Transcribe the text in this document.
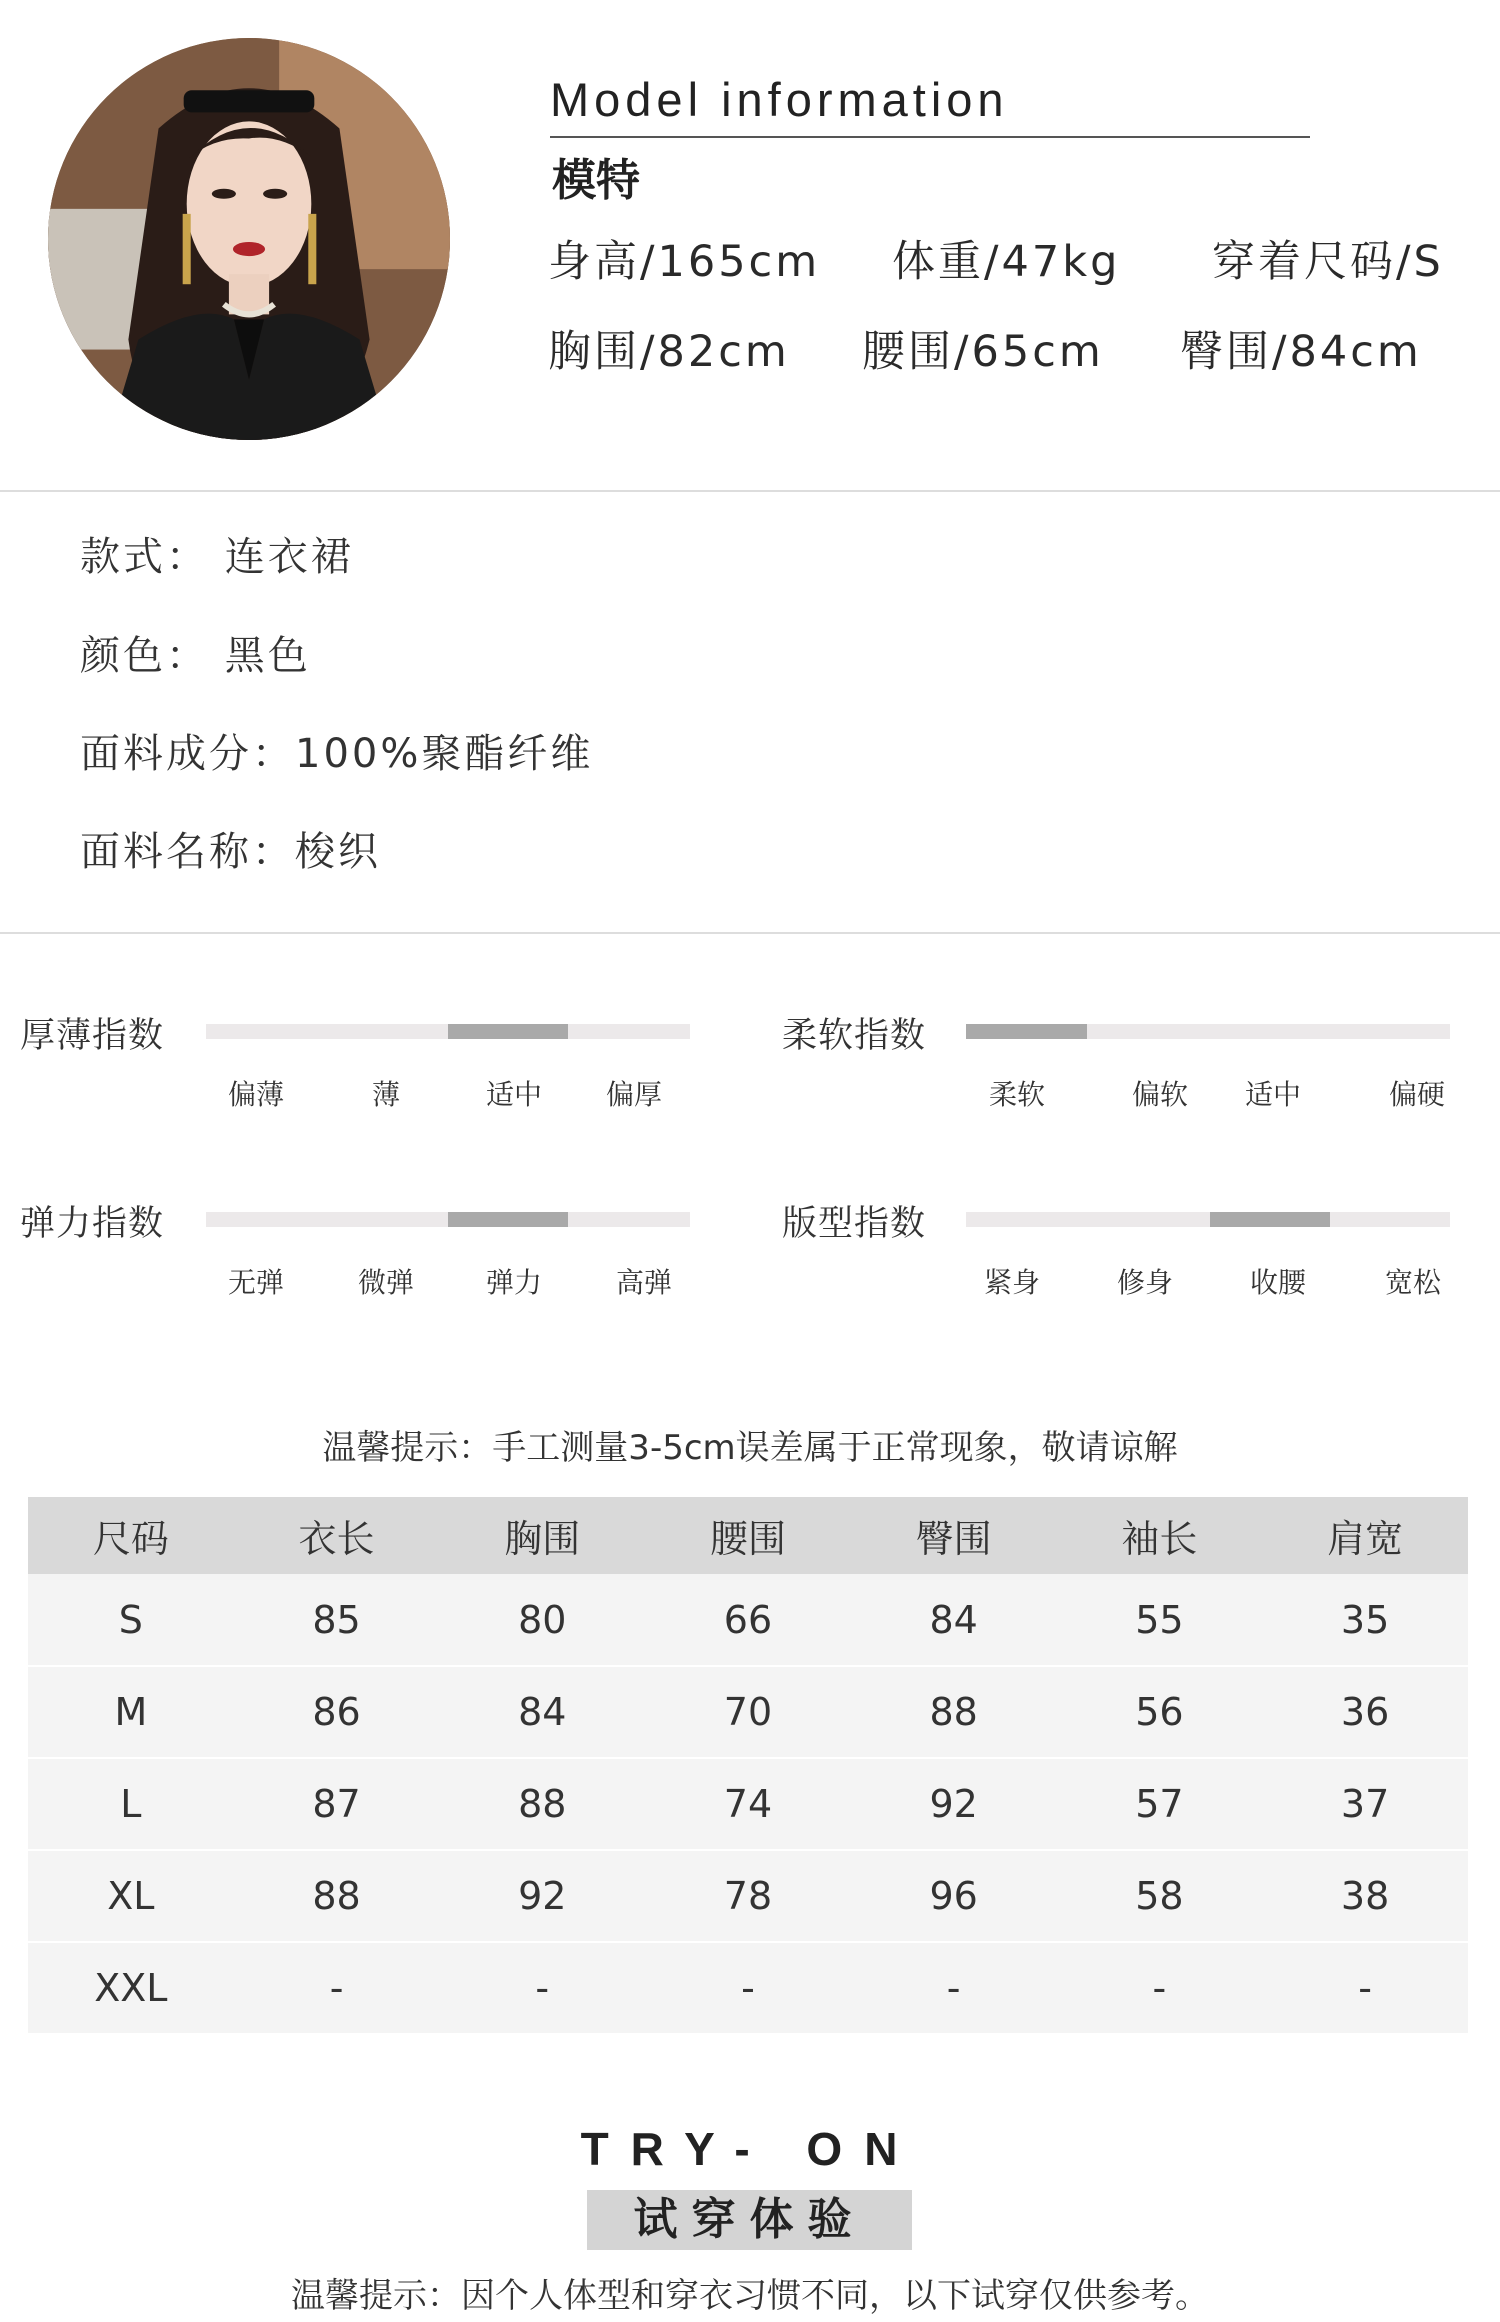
Model information
模特
身高/165cm 体重/47kg 穿着尺码/S
胸围/82cm 腰围/65cm 臀围/84cm
款式： 连衣裙
颜色： 黑色
面料成分：100%聚酯纤维
面料名称：梭织
厚薄指数
偏薄	薄	适中	偏厚
柔软指数
柔软	偏软	适中	偏硬
弹力指数
无弹	微弹	弹力	高弹
版型指数
紧身	修身	收腰	宽松
温馨提示：手工测量3-5cm误差属于正常现象，敬请谅解
尺码	衣长	胸围	腰围	臀围	袖长	肩宽
S	85	80	66	84	55	35
M	86	84	70	88	56	36
L	87	88	74	92	57	37
XL	88	92	78	96	58	38
XXL	-	-	-	-	-	-
TRY- ON
试穿体验
温馨提示：因个人体型和穿衣习惯不同，以下试穿仅供参考。
